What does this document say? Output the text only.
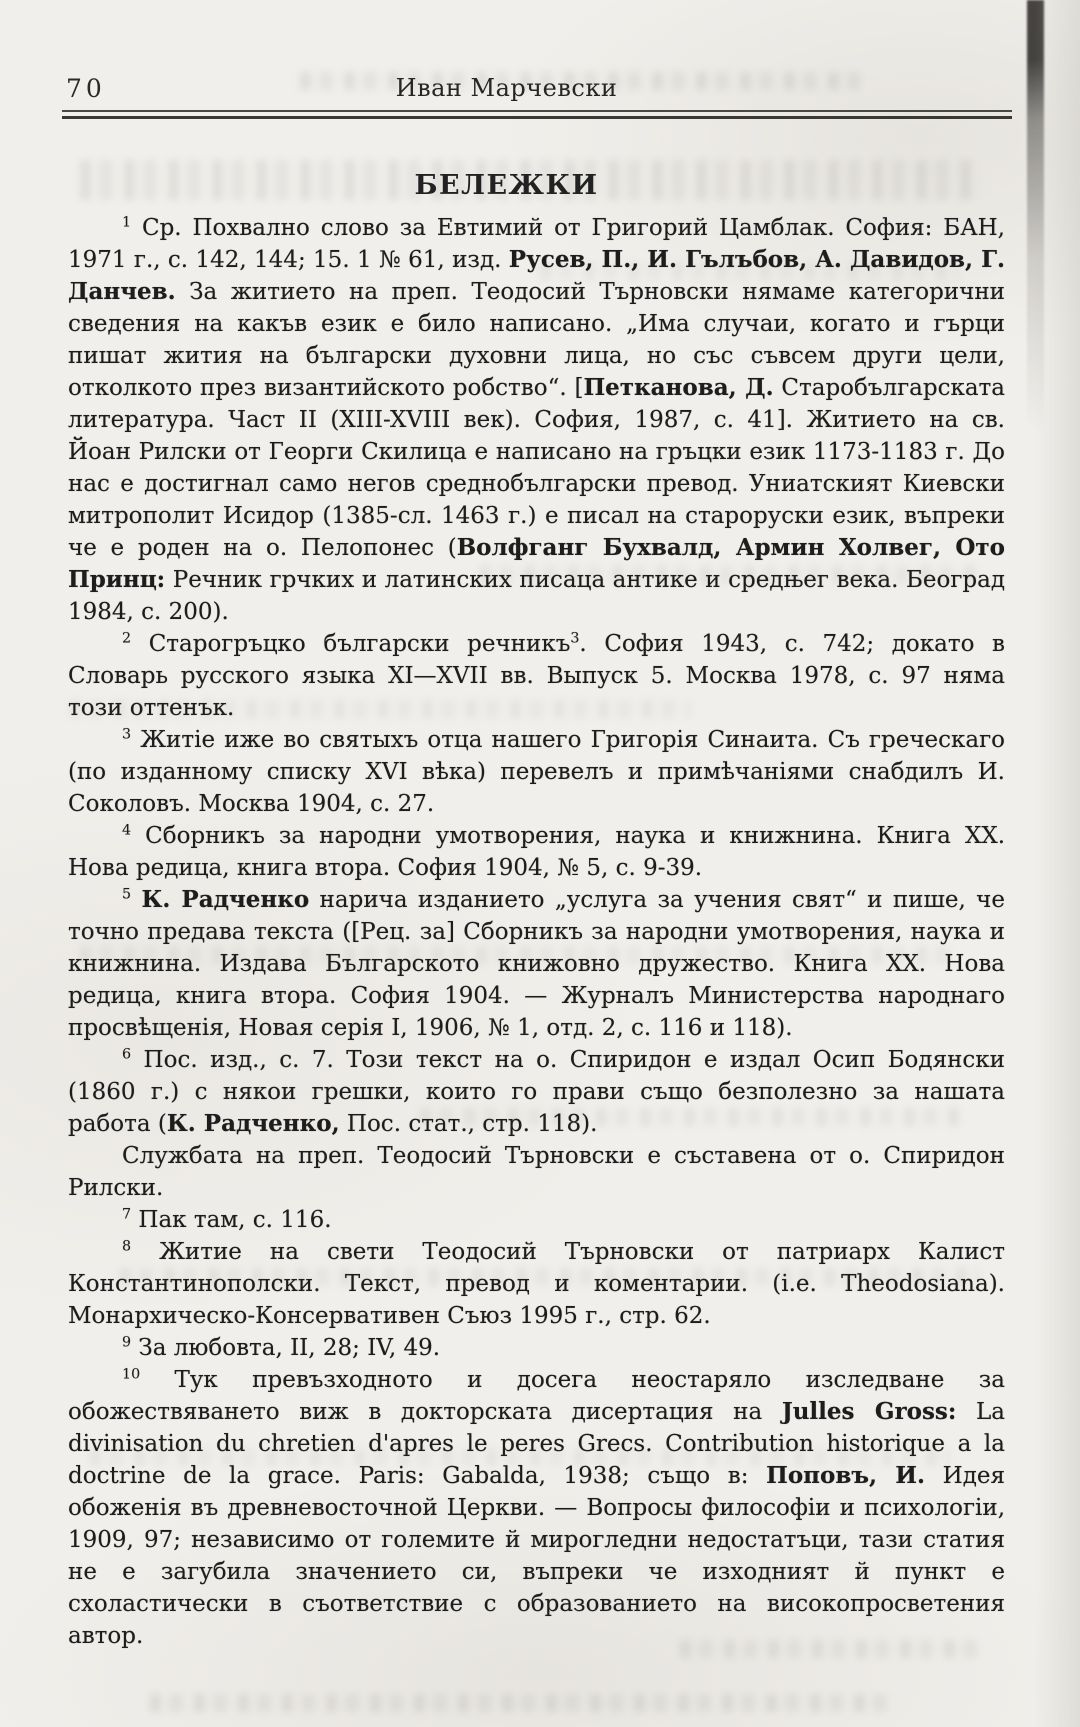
70	Иван Марчевски
БЕЛЕЖКИ

$^1$ Ср. Похвално слово за Евтимий от Григорий Цамблак. София: БАН, 1971 г., с. 142, 144; 15. 1 № 61, изд. Русев, П., И. Гълъбов, А. Давидов, Г. Данчев. За житието на преп. Теодосий Търновски нямаме категорични сведения на какъв език е било написано. „Има случаи, когато и гърци пишат жития на български духовни лица, но със съвсем други цели, отколкото през византийското робство“. [Петканова, Д. Старобългарската литература. Част II (XIII-XVIII век). София, 1987, с. 41]. Житието на св. Йоан Рилски от Георги Скилица е написано на гръцки език 1173-1183 г. До нас е достигнал само негов среднобългарски превод. Униатският Киевски митрополит Исидор (1385-сл. 1463 г.) е писал на староруски език, въпреки че е роден на о. Пелопонес (Волфганг Бухвалд, Армин Холвег, Ото Принц: Речник грчких и латинских писаца антике и средњег века. Београд 1984, с. 200).

$^2$ Старогръцко български речникъ$^3$. София 1943, с. 742; докато в Словарь русского языка XI—XVII вв. Выпуск 5. Москва 1978, с. 97 няма този оттенък.

$^3$ Житіе иже во святыхъ отца нашего Григорія Синаита. Съ греческаго (по изданному списку XVI вѣка) перевелъ и примѣчаніями снабдилъ И. Соколовъ. Москва 1904, с. 27.

$^4$ Сборникъ за народни умотворения, наука и книжнина. Книга XX. Нова редица, книга втора. София 1904, № 5, с. 9-39.

$^5$ К. Радченко нарича изданието „услуга за учения свят“ и пише, че точно предава текста ([Рец. за] Сборникъ за народни умотворения, наука и книжнина. Издава Българското книжовно дружество. Книга XX. Нова редица, книга втора. София 1904. — Журналъ Министерства народнаго просвѣщенія, Новая серія I, 1906, № 1, отд. 2, с. 116 и 118).

$^6$ Пос. изд., с. 7. Този текст на о. Спиридон е издал Осип Бодянски (1860 г.) с някои грешки, които го прави също безполезно за нашата работа (К. Радченко, Пос. стат., стр. 118).

Службата на преп. Теодосий Търновски е съставена от о. Спиридон Рилски.

$^7$ Пак там, с. 116.

$^8$ Житие на свети Теодосий Търновски от патриарх Калист Константинополски. Текст, превод и коментарии. (i.e. Theodosiana). Монархическо-Консервативен Съюз 1995 г., стр. 62.

$^9$ За любовта, II, 28; IV, 49.

$^{10}$ Тук превъзходното и досега неостаряло изследване за обожествяването виж в докторската дисертация на Julles Gross: La divinisation du chretien d'apres le peres Grecs. Contribution historique a la doctrine de la grace. Paris: Gabalda, 1938; също в: Поповъ, И. Идея обоженія въ древневосточной Церкви. — Вопросы философіи и психологіи, 1909, 97; независимо от големите й мирогледни недостатъци, тази статия не е загубила значението си, въпреки че изходният й пункт е схоластически в съответствие с образованието на високопросветения автор.
